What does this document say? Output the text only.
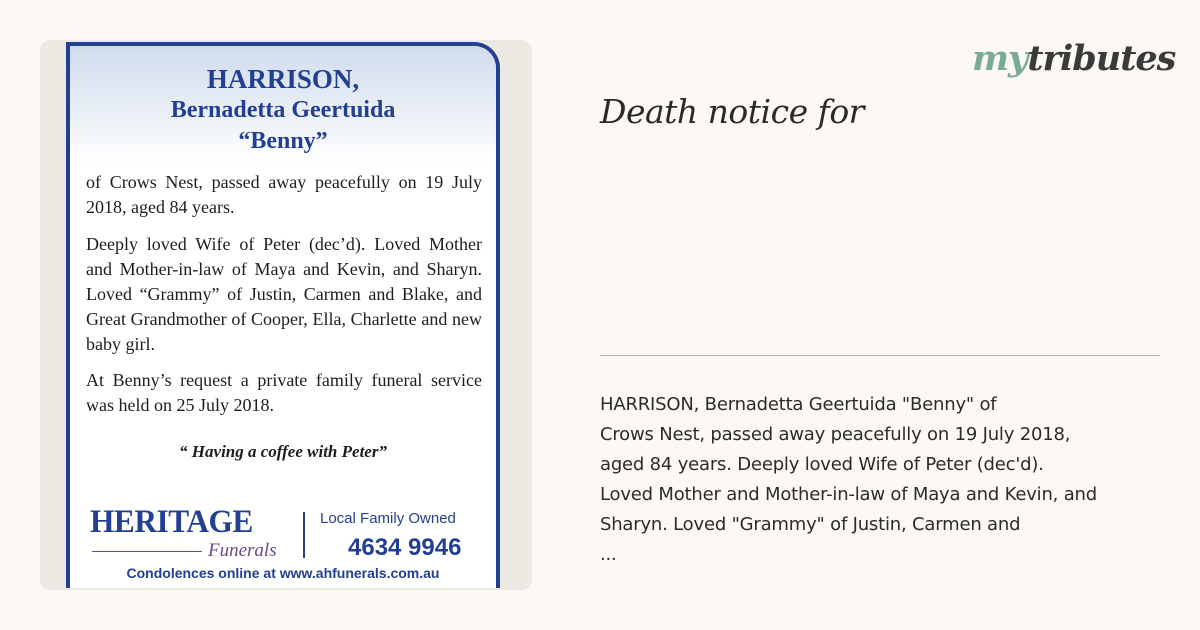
HARRISON,

Bernadetta Geertuida

“Benny”

of Crows Nest, passed away peacefully on 19 July 2018, aged 84 years.

Deeply loved Wife of Peter (dec’d). Loved Mother and Mother-in-law of Maya and Kevin, and Sharyn. Loved “Grammy” of Justin, Carmen and Blake, and Great Grandmother of Cooper, Ella, Charlette and new baby girl.

At Benny’s request a private family funeral service was held on 25 July 2018.

“ Having a coffee with Peter”
HERITAGE
Funerals
Local Family Owned
4634 9946
Condolences online at www.ahfunerals.com.au
mytributes
Death notice for

HARRISON, Bernadetta Geertuida "Benny" of
Crows Nest, passed away peacefully on 19 July 2018,
aged 84 years. Deeply loved Wife of Peter (dec'd).
Loved Mother and Mother-in-law of Maya and Kevin, and
Sharyn. Loved "Grammy" of Justin, Carmen and
...
